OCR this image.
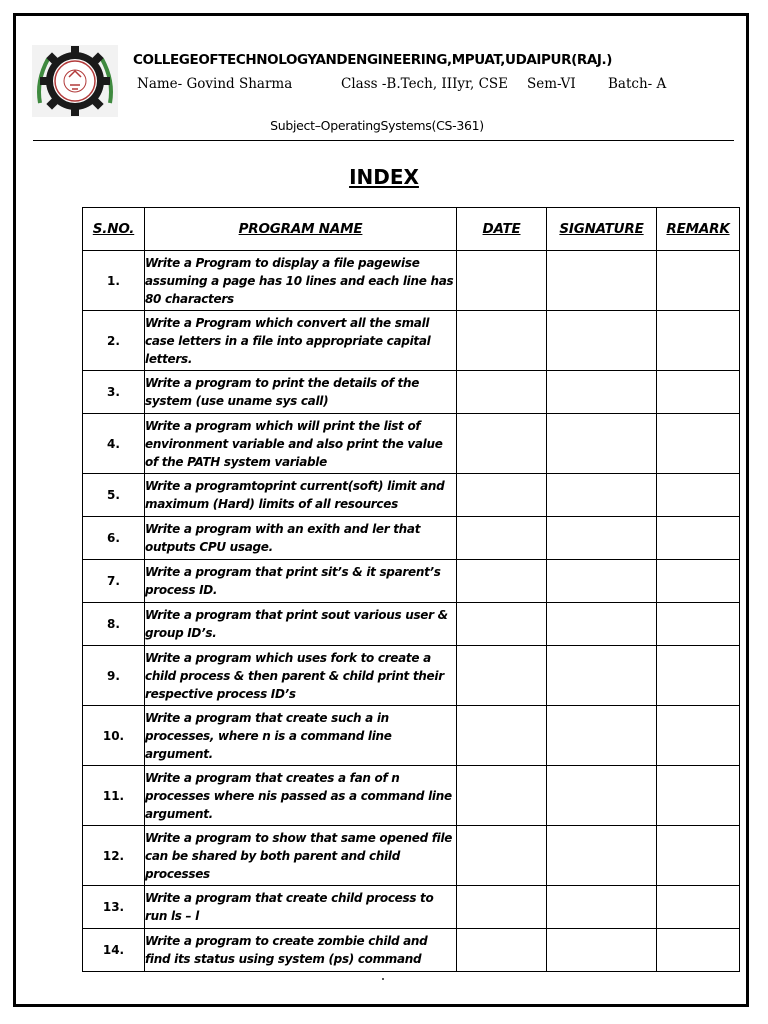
COLLEGEOFTECHNOLOGYANDENGINEERING,MPUAT,UDAIPUR(RAJ.)
Name- Govind Sharma	Class -B.Tech, IIIyr, CSE Sem-VI Batch- A
Subject–OperatingSystems(CS-361)
INDEX
S.NO.	PROGRAM NAME	DATE	SIGNATURE	REMARK
1.	Write a Program to display a file pagewise assuming a page has 10 lines and each line has 80 characters			
2.	Write a Program which convert all the small case letters in a file into appropriate capital letters.			
3.	Write a program to print the details of the system (use uname sys call)			
4.	Write a program which will print the list of environment variable and also print the value of the PATH system variable			
5.	Write a programtoprint current(soft) limit and maximum (Hard) limits of all resources			
6.	Write a program with an exith and ler that outputs CPU usage.			
7.	Write a program that print sit’s & it sparent’s process ID.			
8.	Write a program that print sout various user & group ID’s.			
9.	Write a program which uses fork to create a child process & then parent & child print their respective process ID’s			
10.	Write a program that create such a in processes, where n is a command line argument.			
11.	Write a program that creates a fan of n processes where nis passed as a command line argument.			
12.	Write a program to show that same opened file can be shared by both parent and child processes			
13.	Write a program that create child process to run ls – l			
14.	Write a program to create zombie child and find its status using system (ps) command			
